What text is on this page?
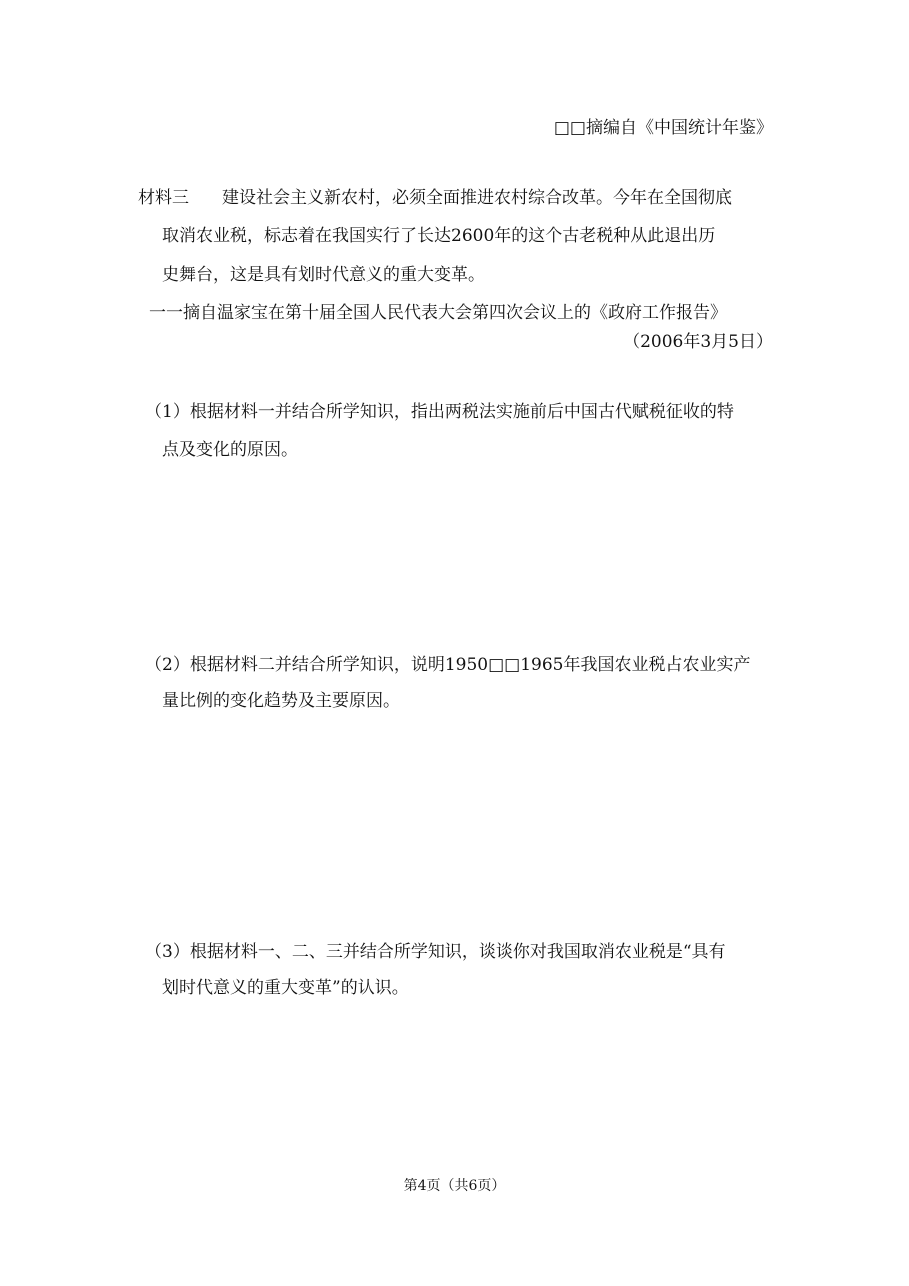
□□摘编自《中国统计年鉴》
材料三 建设社会主义新农村，必须全面推进农村综合改革。今年在全国彻底
取消农业税，标志着在我国实行了长达2600年的这个古老税种从此退出历
史舞台，这是具有划时代意义的重大变革。
一一摘自温家宝在第十届全国人民代表大会第四次会议上的《政府工作报告》
（2006年3月5日）
（1）根据材料一并结合所学知识，指出两税法实施前后中国古代赋税征收的特
点及变化的原因。
（2）根据材料二并结合所学知识，说明1950□□1965年我国农业税占农业实产
量比例的变化趋势及主要原因。
（3）根据材料一、二、三并结合所学知识，谈谈你对我国取消农业税是“具有
划时代意义的重大变革”的认识。
第4页（共6页）
